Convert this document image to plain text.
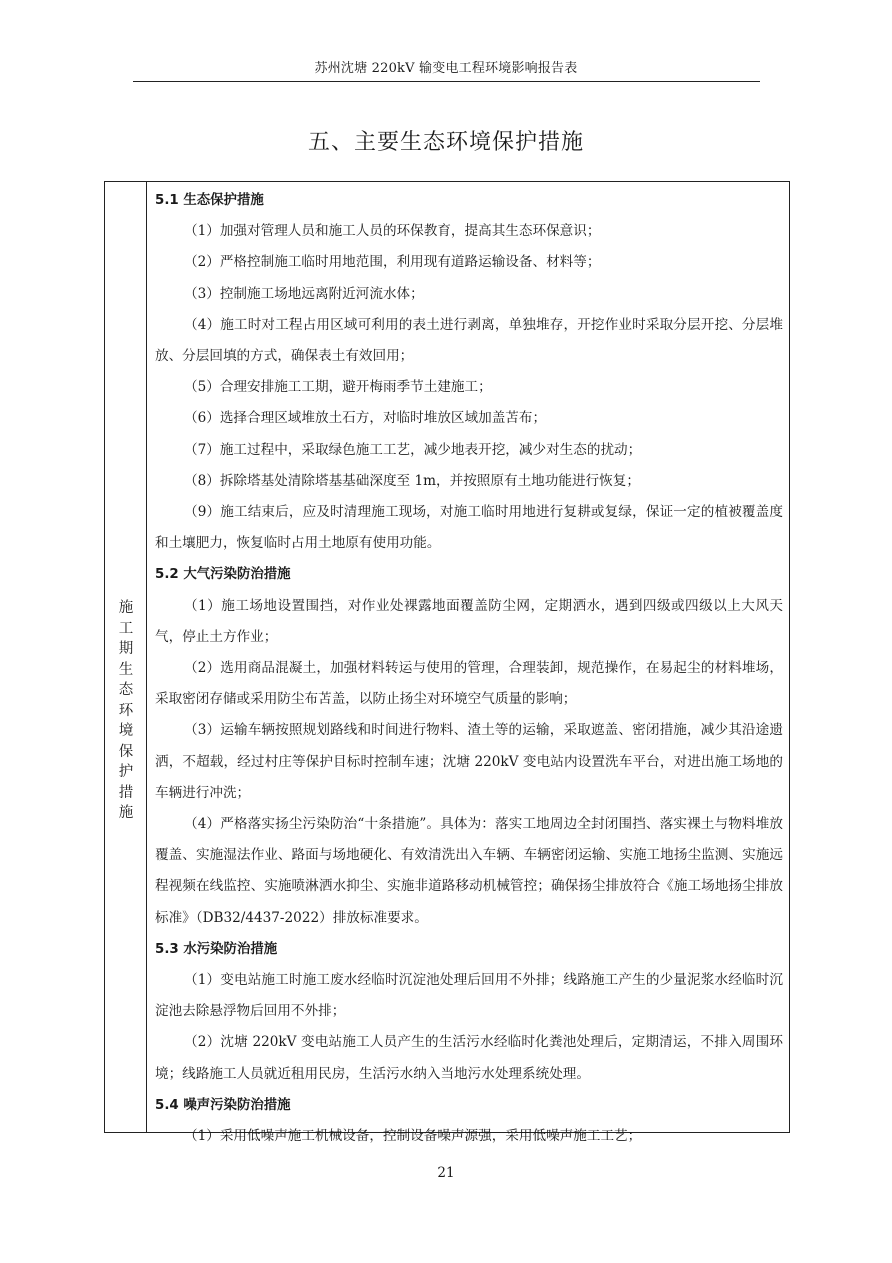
苏州沈塘 220kV 输变电工程环境影响报告表
五、主要生态环境保护措施
施
工
期
生
态
环
境
保
护
措
施

5.1 生态保护措施

（1）加强对管理人员和施工人员的环保教育，提高其生态环保意识；

（2）严格控制施工临时用地范围，利用现有道路运输设备、材料等；

（3）控制施工场地远离附近河流水体；

（4）施工时对工程占用区域可利用的表土进行剥离，单独堆存，开挖作业时采取分层开挖、分层堆放、分层回填的方式，确保表土有效回用；

（5）合理安排施工工期，避开梅雨季节土建施工；

（6）选择合理区域堆放土石方，对临时堆放区域加盖苫布；

（7）施工过程中，采取绿色施工工艺，减少地表开挖，减少对生态的扰动；

（8）拆除塔基处清除塔基基础深度至 1m，并按照原有土地功能进行恢复；

（9）施工结束后，应及时清理施工现场，对施工临时用地进行复耕或复绿，保证一定的植被覆盖度和土壤肥力，恢复临时占用土地原有使用功能。

5.2 大气污染防治措施

（1）施工场地设置围挡，对作业处裸露地面覆盖防尘网，定期洒水，遇到四级或四级以上大风天气，停止土方作业；

（2）选用商品混凝土，加强材料转运与使用的管理，合理装卸，规范操作，在易起尘的材料堆场，采取密闭存储或采用防尘布苫盖，以防止扬尘对环境空气质量的影响；

（3）运输车辆按照规划路线和时间进行物料、渣土等的运输，采取遮盖、密闭措施，减少其沿途遗洒，不超载，经过村庄等保护目标时控制车速；沈塘 220kV 变电站内设置洗车平台，对进出施工场地的车辆进行冲洗；

（4）严格落实扬尘污染防治“十条措施”。具体为：落实工地周边全封闭围挡、落实裸土与物料堆放覆盖、实施湿法作业、路面与场地硬化、有效清洗出入车辆、车辆密闭运输、实施工地扬尘监测、实施远程视频在线监控、实施喷淋洒水抑尘、实施非道路移动机械管控；确保扬尘排放符合《施工场地扬尘排放标准》（DB32/4437-2022）排放标准要求。

5.3 水污染防治措施

（1）变电站施工时施工废水经临时沉淀池处理后回用不外排；线路施工产生的少量泥浆水经临时沉淀池去除悬浮物后回用不外排；

（2）沈塘 220kV 变电站施工人员产生的生活污水经临时化粪池处理后，定期清运，不排入周围环境；线路施工人员就近租用民房，生活污水纳入当地污水处理系统处理。

5.4 噪声污染防治措施

（1）采用低噪声施工机械设备，控制设备噪声源强，采用低噪声施工工艺；

21
